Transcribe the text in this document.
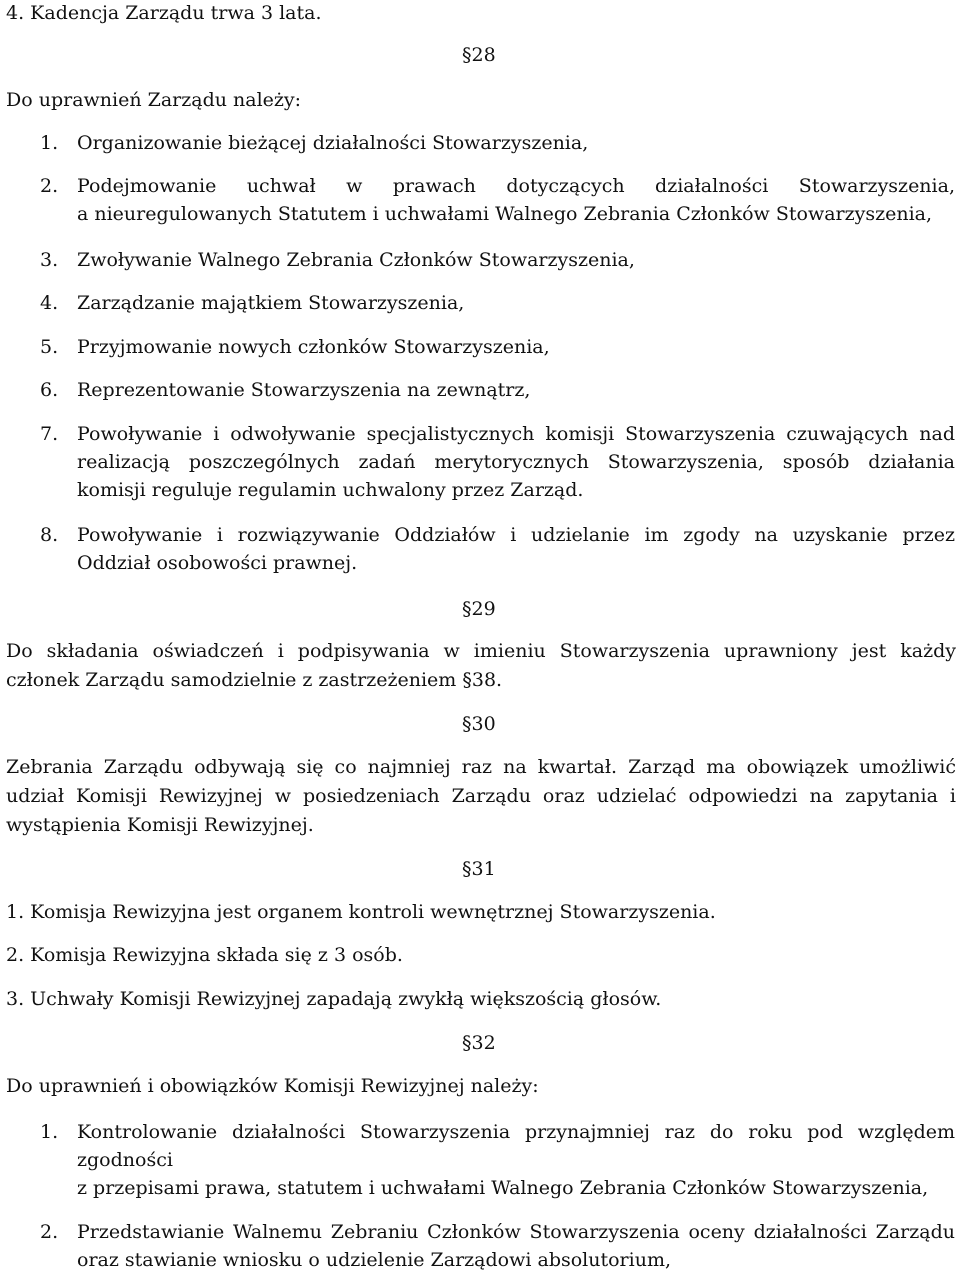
4. Kadencja Zarządu trwa 3 lata.
§28
Do uprawnień Zarządu należy:
1. Organizowanie bieżącej działalności Stowarzyszenia,
2. Podejmowanie uchwał w prawach dotyczących działalności Stowarzyszenia,
a nieuregulowanych Statutem i uchwałami Walnego Zebrania Członków Stowarzyszenia,
3. Zwoływanie Walnego Zebrania Członków Stowarzyszenia,
4. Zarządzanie majątkiem Stowarzyszenia,
5. Przyjmowanie nowych członków Stowarzyszenia,
6. Reprezentowanie Stowarzyszenia na zewnątrz,
7. Powoływanie i odwoływanie specjalistycznych komisji Stowarzyszenia czuwających nad
realizacją poszczególnych zadań merytorycznych Stowarzyszenia, sposób działania
komisji reguluje regulamin uchwalony przez Zarząd.
8. Powoływanie i rozwiązywanie Oddziałów i udzielanie im zgody na uzyskanie przez
Oddział osobowości prawnej.
§29
Do składania oświadczeń i podpisywania w imieniu Stowarzyszenia uprawniony jest każdy
członek Zarządu samodzielnie z zastrzeżeniem §38.
§30
Zebrania Zarządu odbywają się co najmniej raz na kwartał. Zarząd ma obowiązek umożliwić
udział Komisji Rewizyjnej w posiedzeniach Zarządu oraz udzielać odpowiedzi na zapytania i
wystąpienia Komisji Rewizyjnej.
§31
1. Komisja Rewizyjna jest organem kontroli wewnętrznej Stowarzyszenia.
2. Komisja Rewizyjna składa się z 3 osób.
3. Uchwały Komisji Rewizyjnej zapadają zwykłą większością głosów.
§32
Do uprawnień i obowiązków Komisji Rewizyjnej należy:
1. Kontrolowanie działalności Stowarzyszenia przynajmniej raz do roku pod względem
zgodności
z przepisami prawa, statutem i uchwałami Walnego Zebrania Członków Stowarzyszenia,
2. Przedstawianie Walnemu Zebraniu Członków Stowarzyszenia oceny działalności Zarządu
oraz stawianie wniosku o udzielenie Zarządowi absolutorium,
